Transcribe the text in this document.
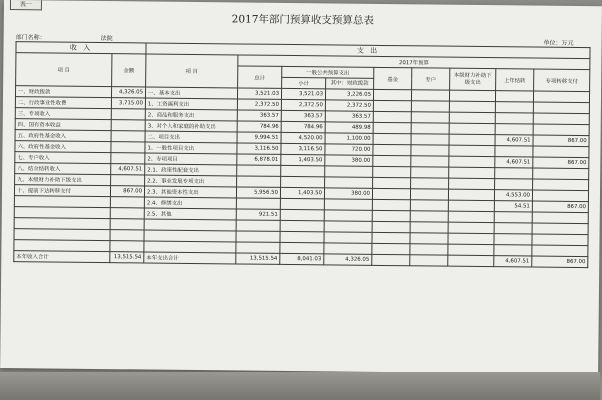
表一
2017年部门预算收支预算总表
部门名称：	法院
单位：万元
收 入		支 出								
项 目	金额	项 目	2017年预算							
			总计	一般公共预算支出		基金	专户	本级财力补助下级支出	上年结转	专项转移支付
				小计	其中：财政拨款					

一、财政拨款	4,326.05	一、基本支出	3,521.03	3,521.03	3,226.05					
二、行政事业性收费	3,715.00	1、工资福利支出	2,372.50	2,372.50	2,372.50					
三、专项收入		2、商品和服务支出	363.57	363.57	363.57					
四、国有资本收益		3、对个人和家庭的补助支出	784.96	784.96	489.98					
五、政府性基金收入		二、项目支出	9,994.51	4,520.00	1,100.00				4,607.51	867.00
六、政府性基金收入		1、一般性项目支出	3,116.50	3,116.50	720.00					
七、专户收入		2、专项项目	6,878.01	1,403.50	380.00				4,607.51	867.00
八、结余结转收入	4,607.51	2.1、政策性配套支出								
九、本级财力补助下级支出		2.2、事业发展专项支出								
十、提前下达转移支付	867.00	2.3、其他资本性支出	5,956.50	1,403.50	380.00				4,553.00	
		2.4、修缮支出							54.51	867.00
		2.5、其他	921.51							

本年收入合计	13,515.54	本年支出合计	13,515.54	8,041.03	4,326.05				4,607.51	867.00
